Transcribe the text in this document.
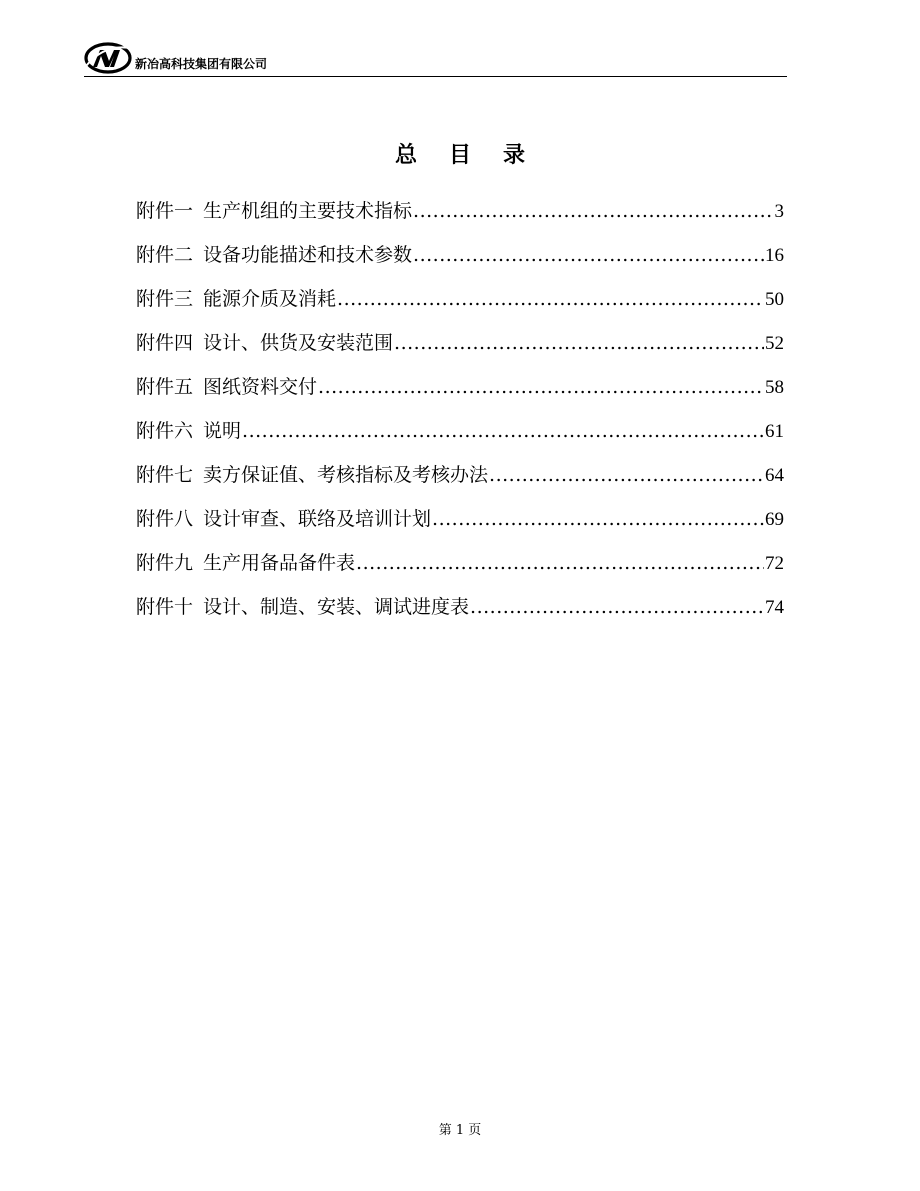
新冶高科技集团有限公司
总 目 录
附件一 生产机组的主要技术指标 .....	3
附件二 设备功能描述和技术参数 .....	16
附件三 能源介质及消耗 .....	50
附件四 设计、供货及安装范围 .....	52
附件五 图纸资料交付 .....	58
附件六 说明 .....	61
附件七 卖方保证值、考核指标及考核办法 .....	64
附件八 设计审查、联络及培训计划 .....	69
附件九 生产用备品备件表 .....	72
附件十 设计、制造、安装、调试进度表 .....	74
第 1 页
